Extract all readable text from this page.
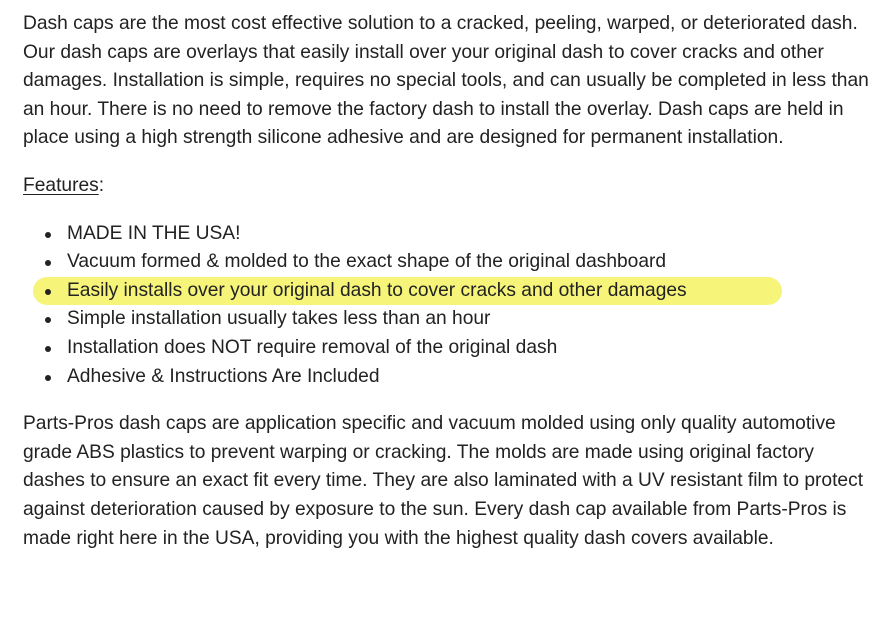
Dash caps are the most cost effective solution to a cracked, peeling, warped, or deteriorated dash. Our dash caps are overlays that easily install over your original dash to cover cracks and other damages. Installation is simple, requires no special tools, and can usually be completed in less than an hour. There is no need to remove the factory dash to install the overlay. Dash caps are held in place using a high strength silicone adhesive and are designed for permanent installation.

Features:

MADE IN THE USA!
Vacuum formed & molded to the exact shape of the original dashboard
Easily installs over your original dash to cover cracks and other damages
Simple installation usually takes less than an hour
Installation does NOT require removal of the original dash
Adhesive & Instructions Are Included

Parts-Pros dash caps are application specific and vacuum molded using only quality automotive grade ABS plastics to prevent warping or cracking. The molds are made using original factory dashes to ensure an exact fit every time. They are also laminated with a UV resistant film to protect against deterioration caused by exposure to the sun. Every dash cap available from Parts-Pros is made right here in the USA, providing you with the highest quality dash covers available.
